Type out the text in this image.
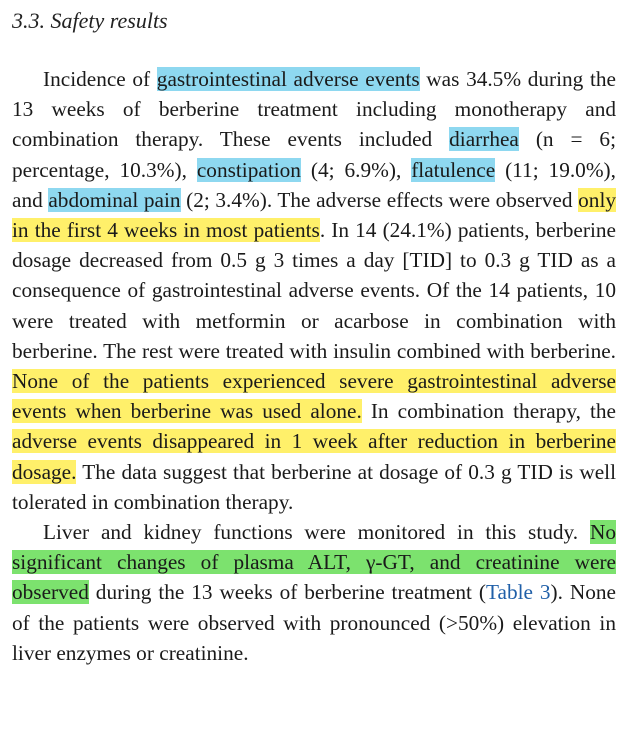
3.3. Safety results

Incidence of gastrointestinal adverse events was 34.5% during the 13 weeks of berberine treatment including monotherapy and combination therapy. These events included diarrhea (n = 6; percentage, 10.3%), constipation (4; 6.9%), flatulence (11; 19.0%), and abdominal pain (2; 3.4%). The adverse effects were observed only in the first 4 weeks in most patients. In 14 (24.1%) patients, berberine dosage decreased from 0.5 g 3 times a day [TID] to 0.3 g TID as a consequence of gastrointestinal adverse events. Of the 14 patients, 10 were treated with metformin or acarbose in combination with berberine. The rest were treated with insulin combined with berberine. None of the patients experienced severe gastrointestinal adverse events when berberine was used alone. In combination therapy, the adverse events disappeared in 1 week after reduction in berberine dosage. The data suggest that berberine at dosage of 0.3 g TID is well tolerated in combination therapy.

Liver and kidney functions were monitored in this study. No significant changes of plasma ALT, γ-GT, and creatinine were observed during the 13 weeks of berberine treatment (Table 3). None of the patients were observed with pronounced (>50%) elevation in liver enzymes or creatinine.
